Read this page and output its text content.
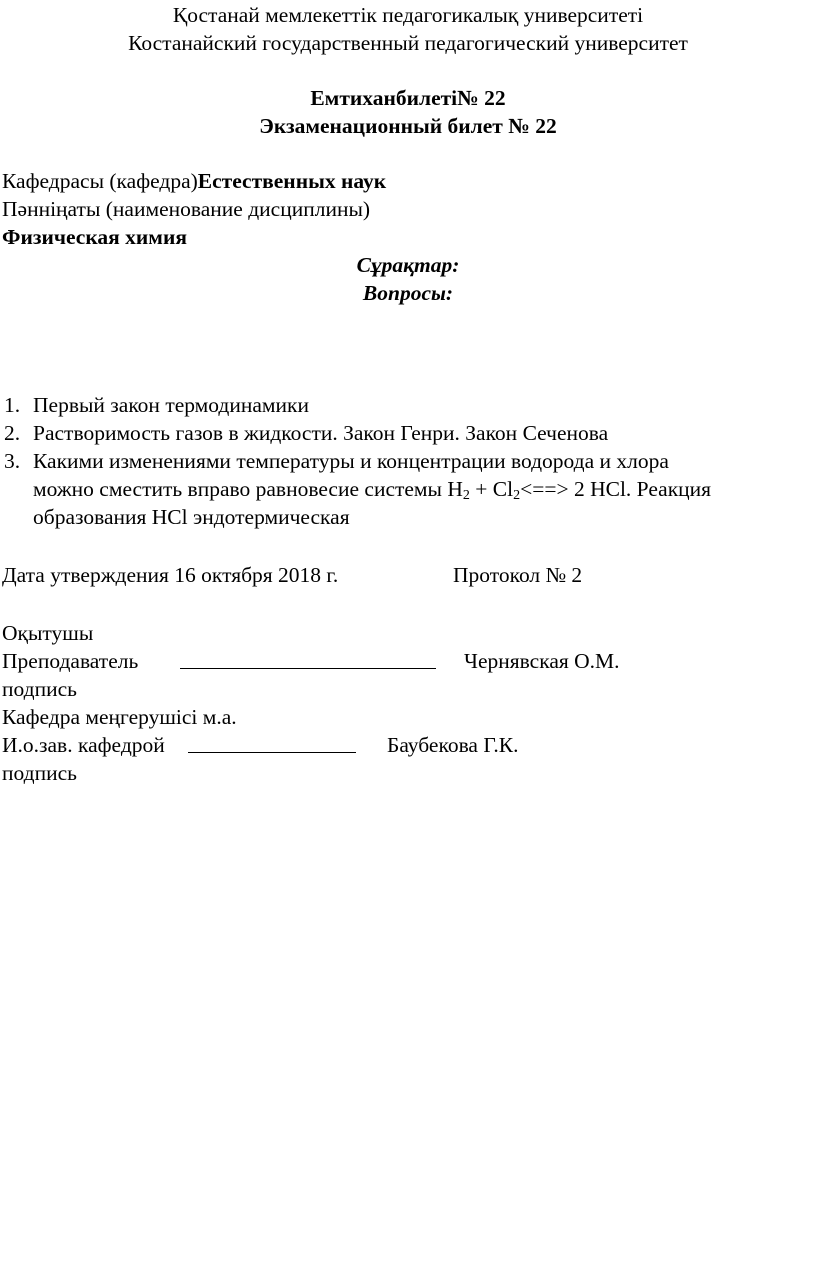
Қостанай мемлекеттік педагогикалық университеті
Костанайский государственный педагогический университет
Емтиханбилеті№ 22
Экзаменационный билет № 22
Кафедрасы (кафедра)Естественных наук
Пәнніңаты (наименование дисциплины)
Физическая химия
Сұрақтар:
Вопросы:
1. Первый закон термодинамики
2. Растворимость газов в жидкости. Закон Генри. Закон Сеченова
3. Какими изменениями температуры и концентрации водорода и хлора
можно сместить вправо равновесие системы $H_2 + Cl_2<==> 2$ HCl. Реакция
образования HCl эндотермическая
Дата утверждения 16 октября 2018 г.	Протокол № 2
Оқытушы
Преподаватель	Чернявская О.М.
подпись
Кафедра меңгерушісі м.а.
И.о.зав. кафедрой	Баубекова Г.К.
подпись
